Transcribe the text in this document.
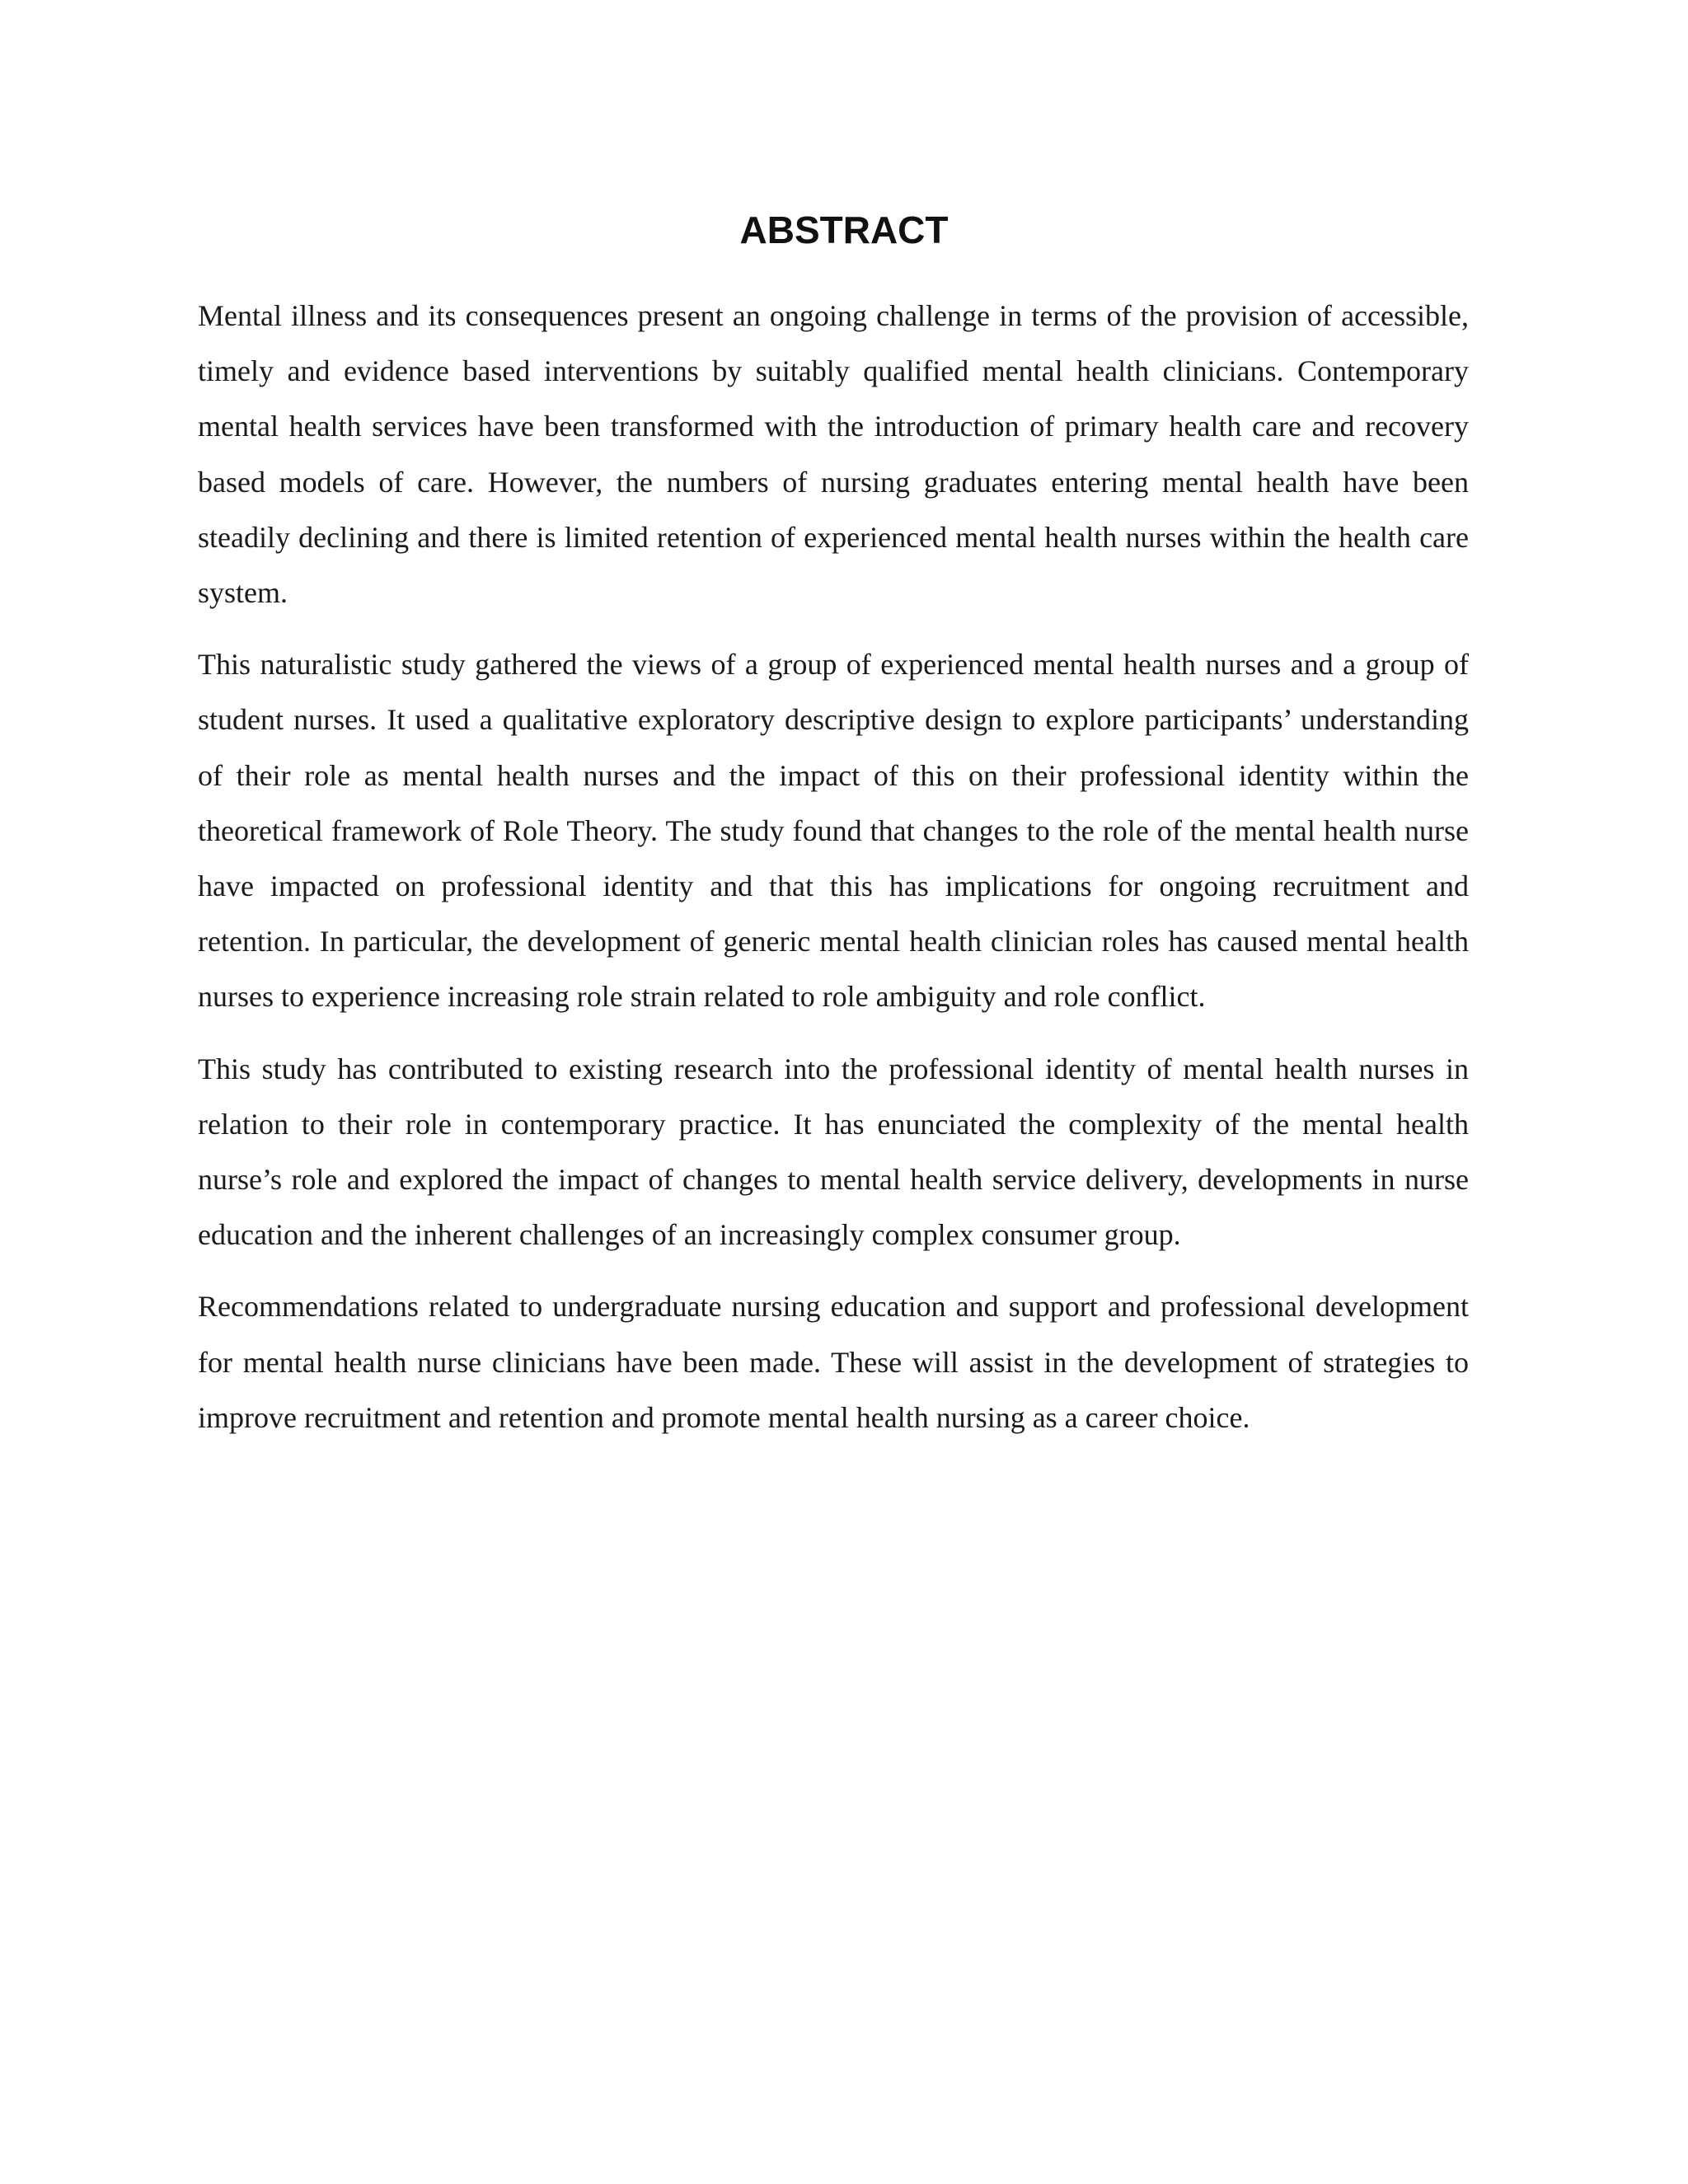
ABSTRACT

Mental illness and its consequences present an ongoing challenge in terms of the provision of accessible, timely and evidence based interventions by suitably qualified mental health clinicians. Contemporary mental health services have been transformed with the introduction of primary health care and recovery based models of care. However, the numbers of nursing graduates entering mental health have been steadily declining and there is limited retention of experienced mental health nurses within the health care system.

This naturalistic study gathered the views of a group of experienced mental health nurses and a group of student nurses. It used a qualitative exploratory descriptive design to explore participants’ understanding of their role as mental health nurses and the impact of this on their professional identity within the theoretical framework of Role Theory. The study found that changes to the role of the mental health nurse have impacted on professional identity and that this has implications for ongoing recruitment and retention. In particular, the development of generic mental health clinician roles has caused mental health nurses to experience increasing role strain related to role ambiguity and role conflict.

This study has contributed to existing research into the professional identity of mental health nurses in relation to their role in contemporary practice. It has enunciated the complexity of the mental health nurse’s role and explored the impact of changes to mental health service delivery, developments in nurse education and the inherent challenges of an increasingly complex consumer group.

Recommendations related to undergraduate nursing education and support and professional development for mental health nurse clinicians have been made. These will assist in the development of strategies to improve recruitment and retention and promote mental health nursing as a career choice.
